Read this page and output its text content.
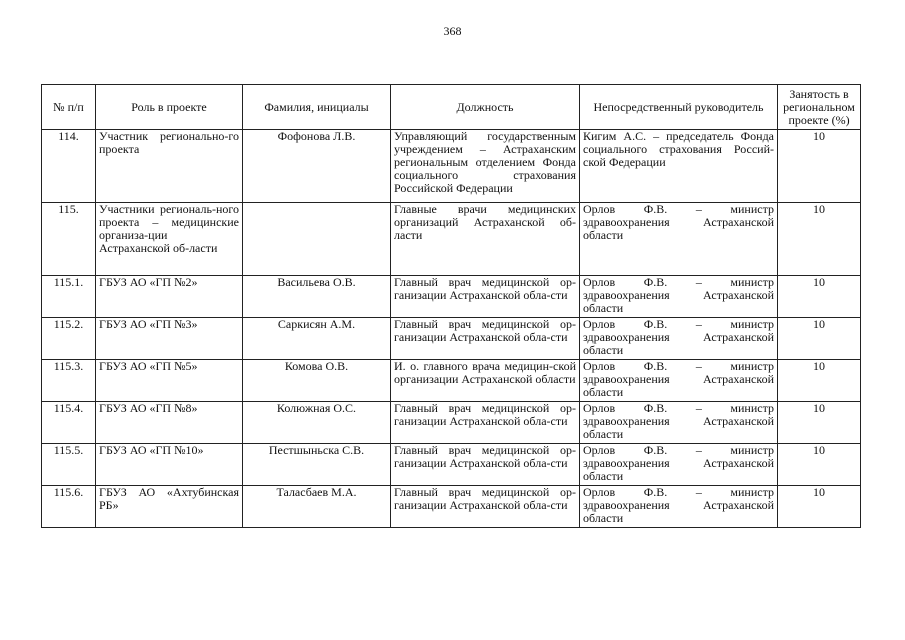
368
№ п/п	Роль в проекте	Фамилия, инициалы	Должность	Непосредственный руководитель	Занятость в региональном проекте (%)
114.	Участник регионально-го проекта	Фофонова Л.В.	Управляющий государственным учреждением – Астраханским региональным отделением Фонда социального страхования Российской Федерации	Кигим А.С. – председатель Фонда социального страхования Россий-ской Федерации	10
115.	Участники региональ-ного проекта – медицинские организа-ции Астраханской об-ласти		Главные врачи медицинских организаций Астраханской об-ласти	Орлов Ф.В. – министр здравоохранения Астраханской области	10
115.1.	ГБУЗ АО «ГП №2»	Васильева О.В.	Главный врач медицинской ор-ганизации Астраханской обла-сти	Орлов Ф.В. – министр здравоохранения Астраханской области	10
115.2.	ГБУЗ АО «ГП №3»	Саркисян А.М.	Главный врач медицинской ор-ганизации Астраханской обла-сти	Орлов Ф.В. – министр здравоохранения Астраханской области	10
115.3.	ГБУЗ АО «ГП №5»	Комова О.В.	И. о. главного врача медицин-ской организации Астраханской области	Орлов Ф.В. – министр здравоохранения Астраханской области	10
115.4.	ГБУЗ АО «ГП №8»	Колюжная О.С.	Главный врач медицинской ор-ганизации Астраханской обла-сти	Орлов Ф.В. – министр здравоохранения Астраханской области	10
115.5.	ГБУЗ АО «ГП №10»	Пестшыньска С.В.	Главный врач медицинской ор-ганизации Астраханской обла-сти	Орлов Ф.В. – министр здравоохранения Астраханской области	10
115.6.	ГБУЗ АО «Ахтубинская РБ»	Таласбаев М.А.	Главный врач медицинской ор-ганизации Астраханской обла-сти	Орлов Ф.В. – министр здравоохранения Астраханской области	10
